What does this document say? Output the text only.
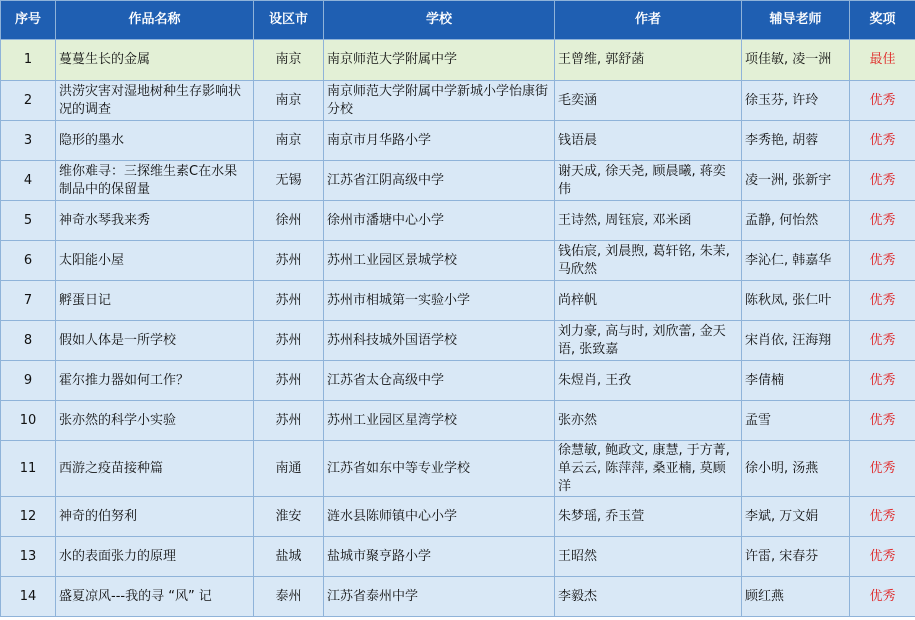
序号	作品名称	设区市	学校	作者	辅导老师	奖项
1	蔓蔓生长的金属	南京	南京师范大学附属中学	王曾维, 郭舒菡	项佳敏, 凌一洲	最佳
2	洪涝灾害对湿地树种生存影响状况的调查	南京	南京师范大学附属中学新城小学怡康街分校	毛奕涵	徐玉芬, 许玲	优秀
3	隐形的墨水	南京	南京市月华路小学	钱语晨	李秀艳, 胡蓉	优秀
4	维你难寻：三探维生素C在水果制品中的保留量	无锡	江苏省江阴高级中学	谢天成, 徐天尧, 顾晨曦, 蒋奕伟	凌一洲, 张新宇	优秀
5	神奇水琴我来秀	徐州	徐州市潘塘中心小学	王诗然, 周钰宸, 邓米函	孟静, 何怡然	优秀
6	太阳能小屋	苏州	苏州工业园区景城学校	钱佑宸, 刘晨煦, 葛轩铭, 朱茉, 马欣然	李沁仁, 韩嘉华	优秀
7	孵蛋日记	苏州	苏州市相城第一实验小学	尚梓帆	陈秋凤, 张仁叶	优秀
8	假如人体是一所学校	苏州	苏州科技城外国语学校	刘力豪, 高与时, 刘欣蕾, 金天语, 张致嘉	宋肖依, 汪海翔	优秀
9	霍尔推力器如何工作？	苏州	江苏省太仓高级中学	朱煜肖, 王孜	李倩楠	优秀
10	张亦然的科学小实验	苏州	苏州工业园区星湾学校	张亦然	孟雪	优秀
11	西游之疫苗接种篇	南通	江苏省如东中等专业学校	徐慧敏, 鲍政文, 康慧, 于方菁, 单云云, 陈萍萍, 桑亚楠, 莫顾洋	徐小明, 汤燕	优秀
12	神奇的伯努利	淮安	涟水县陈师镇中心小学	朱梦瑶, 乔玉萱	李斌, 万文娟	优秀
13	水的表面张力的原理	盐城	盐城市聚亨路小学	王昭然	许雷, 宋春芬	优秀
14	盛夏凉风---我的寻 “风” 记	泰州	江苏省泰州中学	李毅杰	顾红燕	优秀
